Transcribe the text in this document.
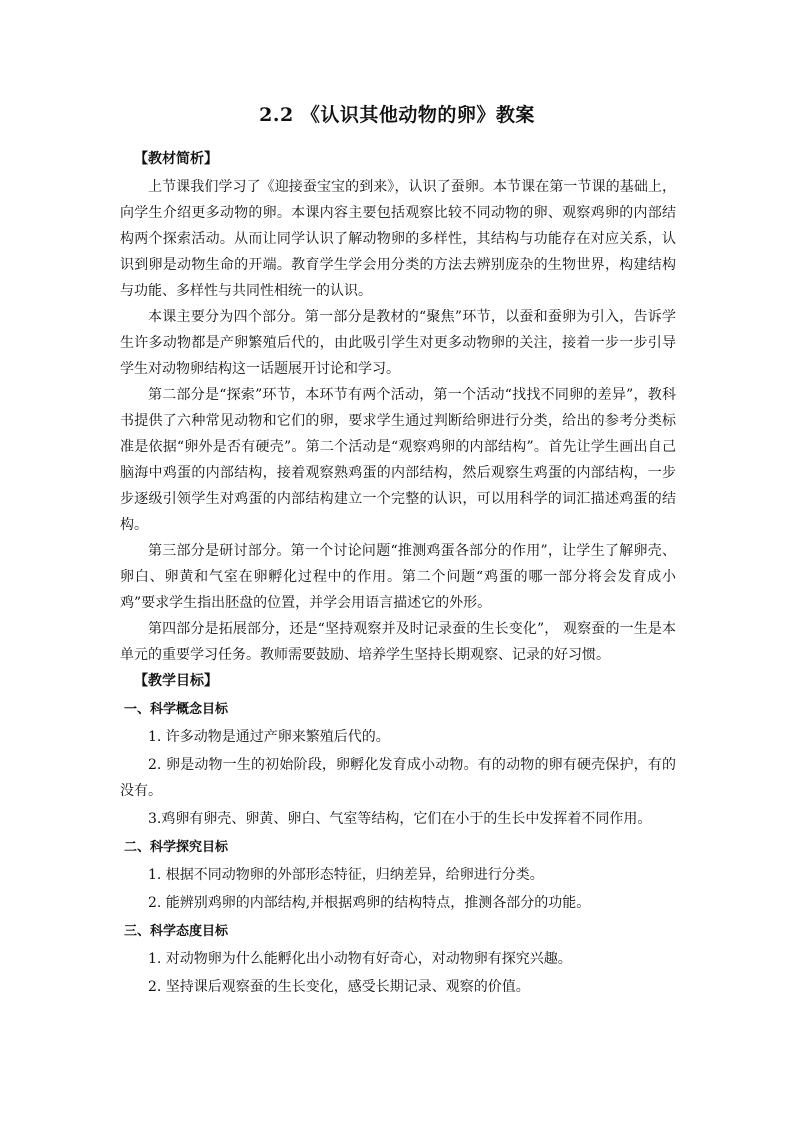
2.2 《认识其他动物的卵》教案
【教材简析】

上节课我们学习了《迎接蚕宝宝的到来》，认识了蚕卵。本节课在第一节课的基础上，向学生介绍更多动物的卵。本课内容主要包括观察比较不同动物的卵、观察鸡卵的内部结构两个探索活动。从而让同学认识了解动物卵的多样性，其结构与功能存在对应关系，认识到卵是动物生命的开端。教育学生学会用分类的方法去辨别庞杂的生物世界，构建结构与功能、多样性与共同性相统一的认识。

本课主要分为四个部分。第一部分是教材的“聚焦”环节，以蚕和蚕卵为引入，告诉学生许多动物都是产卵繁殖后代的，由此吸引学生对更多动物卵的关注，接着一步一步引导学生对动物卵结构这一话题展开讨论和学习。

第二部分是“探索”环节，本环节有两个活动，第一个活动“找找不同卵的差异”，教科书提供了六种常见动物和它们的卵，要求学生通过判断给卵进行分类，给出的参考分类标准是依据“卵外是否有硬壳”。第二个活动是“观察鸡卵的内部结构”。首先让学生画出自己脑海中鸡蛋的内部结构，接着观察熟鸡蛋的内部结构，然后观察生鸡蛋的内部结构，一步步逐级引领学生对鸡蛋的内部结构建立一个完整的认识，可以用科学的词汇描述鸡蛋的结构。

第三部分是研讨部分。第一个讨论问题“推测鸡蛋各部分的作用”，让学生了解卵壳、卵白、卵黄和气室在卵孵化过程中的作用。第二个问题“鸡蛋的哪一部分将会发育成小鸡”要求学生指出胚盘的位置，并学会用语言描述它的外形。

第四部分是拓展部分，还是“坚持观察并及时记录蚕的生长变化”， 观察蚕的一生是本单元的重要学习任务。教师需要鼓励、培养学生坚持长期观察、记录的好习惯。

【教学目标】
一、科学概念目标

1. 许多动物是通过产卵来繁殖后代的。

2. 卵是动物一生的初始阶段，卵孵化发育成小动物。有的动物的卵有硬壳保护，有的没有。

3.鸡卵有卵壳、卵黄、卵白、气室等结构，它们在小于的生长中发挥着不同作用。

二、科学探究目标

1. 根据不同动物卵的外部形态特征，归纳差异，给卵进行分类。

2. 能辨别鸡卵的内部结构,并根据鸡卵的结构特点，推测各部分的功能。

三、科学态度目标

1. 对动物卵为什么能孵化出小动物有好奇心，对动物卵有探究兴趣。

2. 坚持课后观察蚕的生长变化，感受长期记录、观察的价值。
